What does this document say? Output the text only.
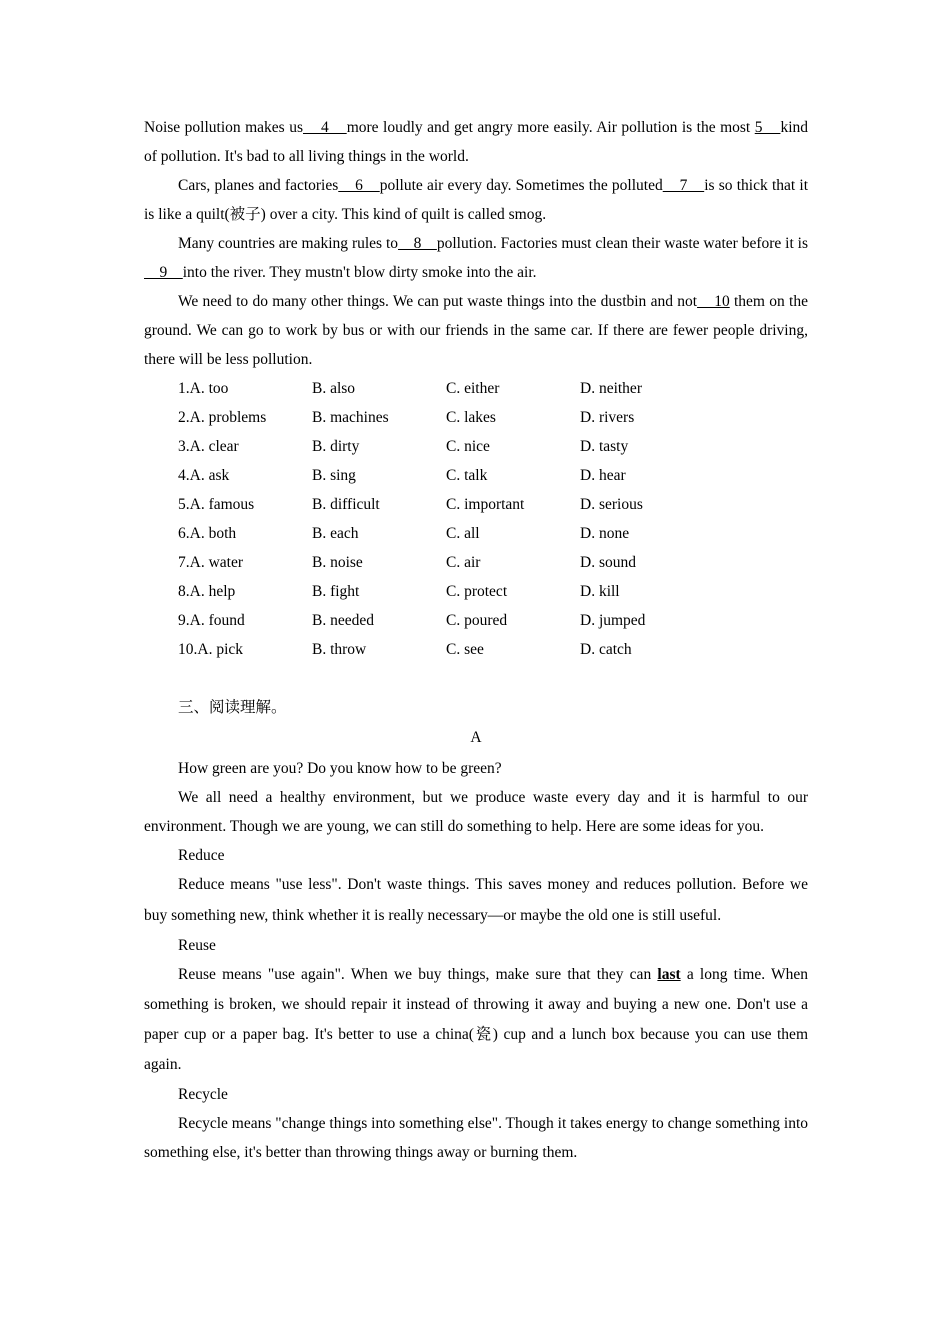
Noise pollution makes us    4    more loudly and get angry more easily. Air pollution is the most 5    kind of pollution. It's bad to all living things in the world.

Cars, planes and factories    6    pollute air every day. Sometimes the polluted    7    is so thick that it is like a quilt(被子) over a city. This kind of quilt is called smog.

Many countries are making rules to    8    pollution. Factories must clean their waste water before it is    9    into the river. They mustn't blow dirty smoke into the air.

We need to do many other things. We can put waste things into the dustbin and not    10 them on the ground. We can go to work by bus or with our friends in the same car. If there are fewer people driving, there will be less pollution.

1.A. too	B. also	C. either	D. neither
2.A. problems	B. machines	C. lakes	D. rivers
3.A. clear	B. dirty	C. nice	D. tasty
4.A. ask	B. sing	C. talk	D. hear
5.A. famous	B. difficult	C. important	D. serious
6.A. both	B. each	C. all	D. none
7.A. water	B. noise	C. air	D. sound
8.A. help	B. fight	C. protect	D. kill
9.A. found	B. needed	C. poured	D. jumped
10.A. pick	B. throw	C. see	D. catch

三、阅读理解。

A

How green are you? Do you know how to be green?

We all need a healthy environment, but we produce waste every day and it is harmful to our environment. Though we are young, we can still do something to help. Here are some ideas for you.

Reduce

Reduce means "use less". Don't waste things. This saves money and reduces pollution. Before we buy something new, think whether it is really necessary—or maybe the old one is still useful.

Reuse

Reuse means "use again". When we buy things, make sure that they can last a long time. When something is broken, we should repair it instead of throwing it away and buying a new one. Don't use a paper cup or a paper bag. It's better to use a china(瓷) cup and a lunch box because you can use them again.

Recycle

Recycle means "change things into something else". Though it takes energy to change something into something else, it's better than throwing things away or burning them.
